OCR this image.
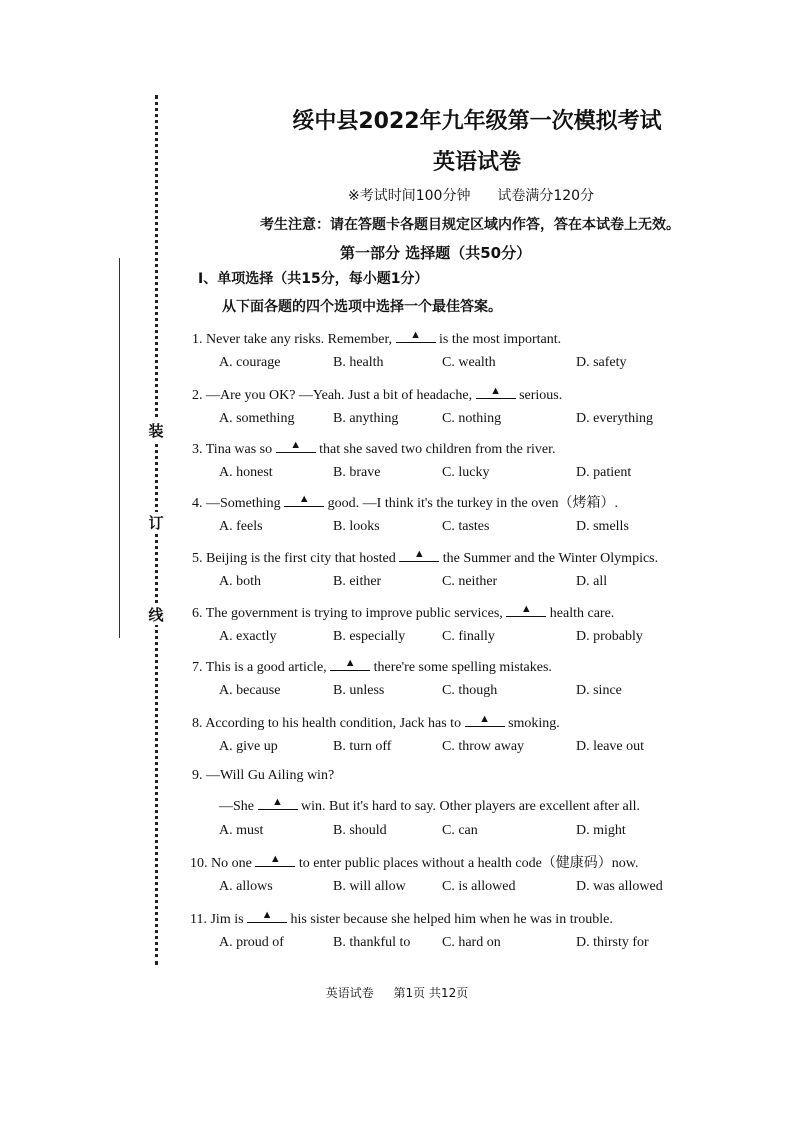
装
订
线
绥中县2022年九年级第一次模拟考试
英语试卷
※考试时间100分钟 试卷满分120分
考生注意：请在答题卡各题目规定区域内作答，答在本试卷上无效。
第一部分 选择题（共50分）
Ⅰ、单项选择（共15分，每小题1分）
从下面各题的四个选项中选择一个最佳答案。
1. Never take any risks. Remember,	▲	is the most important.
A. courage	B. health	C. wealth	D. safety
2. —Are you OK? —Yeah. Just a bit of headache,	▲	serious.
A. something	B. anything	C. nothing	D. everything
3. Tina was so	▲	that she saved two children from the river.
A. honest	B. brave	C. lucky	D. patient
4. —Something	▲	good. —I think it's the turkey in the oven（烤箱）.
A. feels	B. looks	C. tastes	D. smells
5. Beijing is the first city that hosted	▲	the Summer and the Winter Olympics.
A. both	B. either	C. neither	D. all
6. The government is trying to improve public services,	▲	health care.
A. exactly	B. especially	C. finally	D. probably
7. This is a good article,	▲	there're some spelling mistakes.
A. because	B. unless	C. though	D. since
8. According to his health condition, Jack has to	▲	smoking.
A. give up	B. turn off	C. throw away	D. leave out
9. —Will Gu Ailing win?
—She	▲	win. But it's hard to say. Other players are excellent after all.
A. must	B. should	C. can	D. might
10. No one	▲	to enter public places without a health code（健康码）now.
A. allows	B. will allow	C. is allowed	D. was allowed
11. Jim is	▲	his sister because she helped him when he was in trouble.
A. proud of	B. thankful to C. hard on	D. thirsty for
英语试卷 第1页 共12页
